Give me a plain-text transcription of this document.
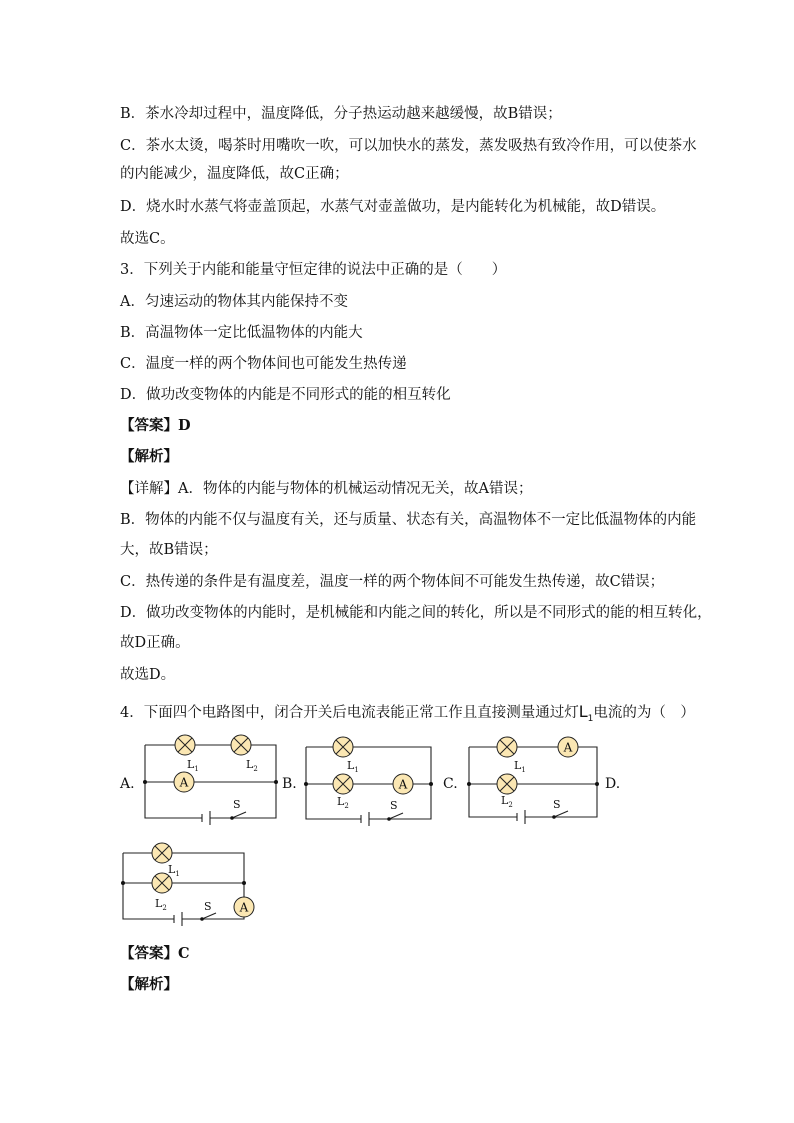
B．茶水冷却过程中，温度降低，分子热运动越来越缓慢，故B错误；
C．茶水太烫，喝茶时用嘴吹一吹，可以加快水的蒸发，蒸发吸热有致冷作用，可以使茶水
的内能减少，温度降低，故C正确；
D．烧水时水蒸气将壶盖顶起，水蒸气对壶盖做功，是内能转化为机械能，故D错误。
故选C。
3．下列关于内能和能量守恒定律的说法中正确的是（　　）
A．匀速运动的物体其内能保持不变
B．高温物体一定比低温物体的内能大
C．温度一样的两个物体间也可能发生热传递
D．做功改变物体的内能是不同形式的能的相互转化
【答案】D
【解析】
【详解】A．物体的内能与物体的机械运动情况无关，故A错误；
B．物体的内能不仅与温度有关，还与质量、状态有关，高温物体不一定比低温物体的内能
大，故B错误；
C．热传递的条件是有温度差，温度一样的两个物体间不可能发生热传递，故C错误；
D．做功改变物体的内能时，是机械能和内能之间的转化，所以是不同形式的能的相互转化，
故D正确。
故选D。
4．下面四个电路图中，闭合开关后电流表能正常工作且直接测量通过灯$L_1$电流的为（　）
A.	B.	C.	D.
A
$L_1$	$L_2$
S
A
$L_1$
$L_2$	S
A
$L_1$
$L_2$	S
A
$L_1$
$L_2$	S
【答案】C
【解析】
